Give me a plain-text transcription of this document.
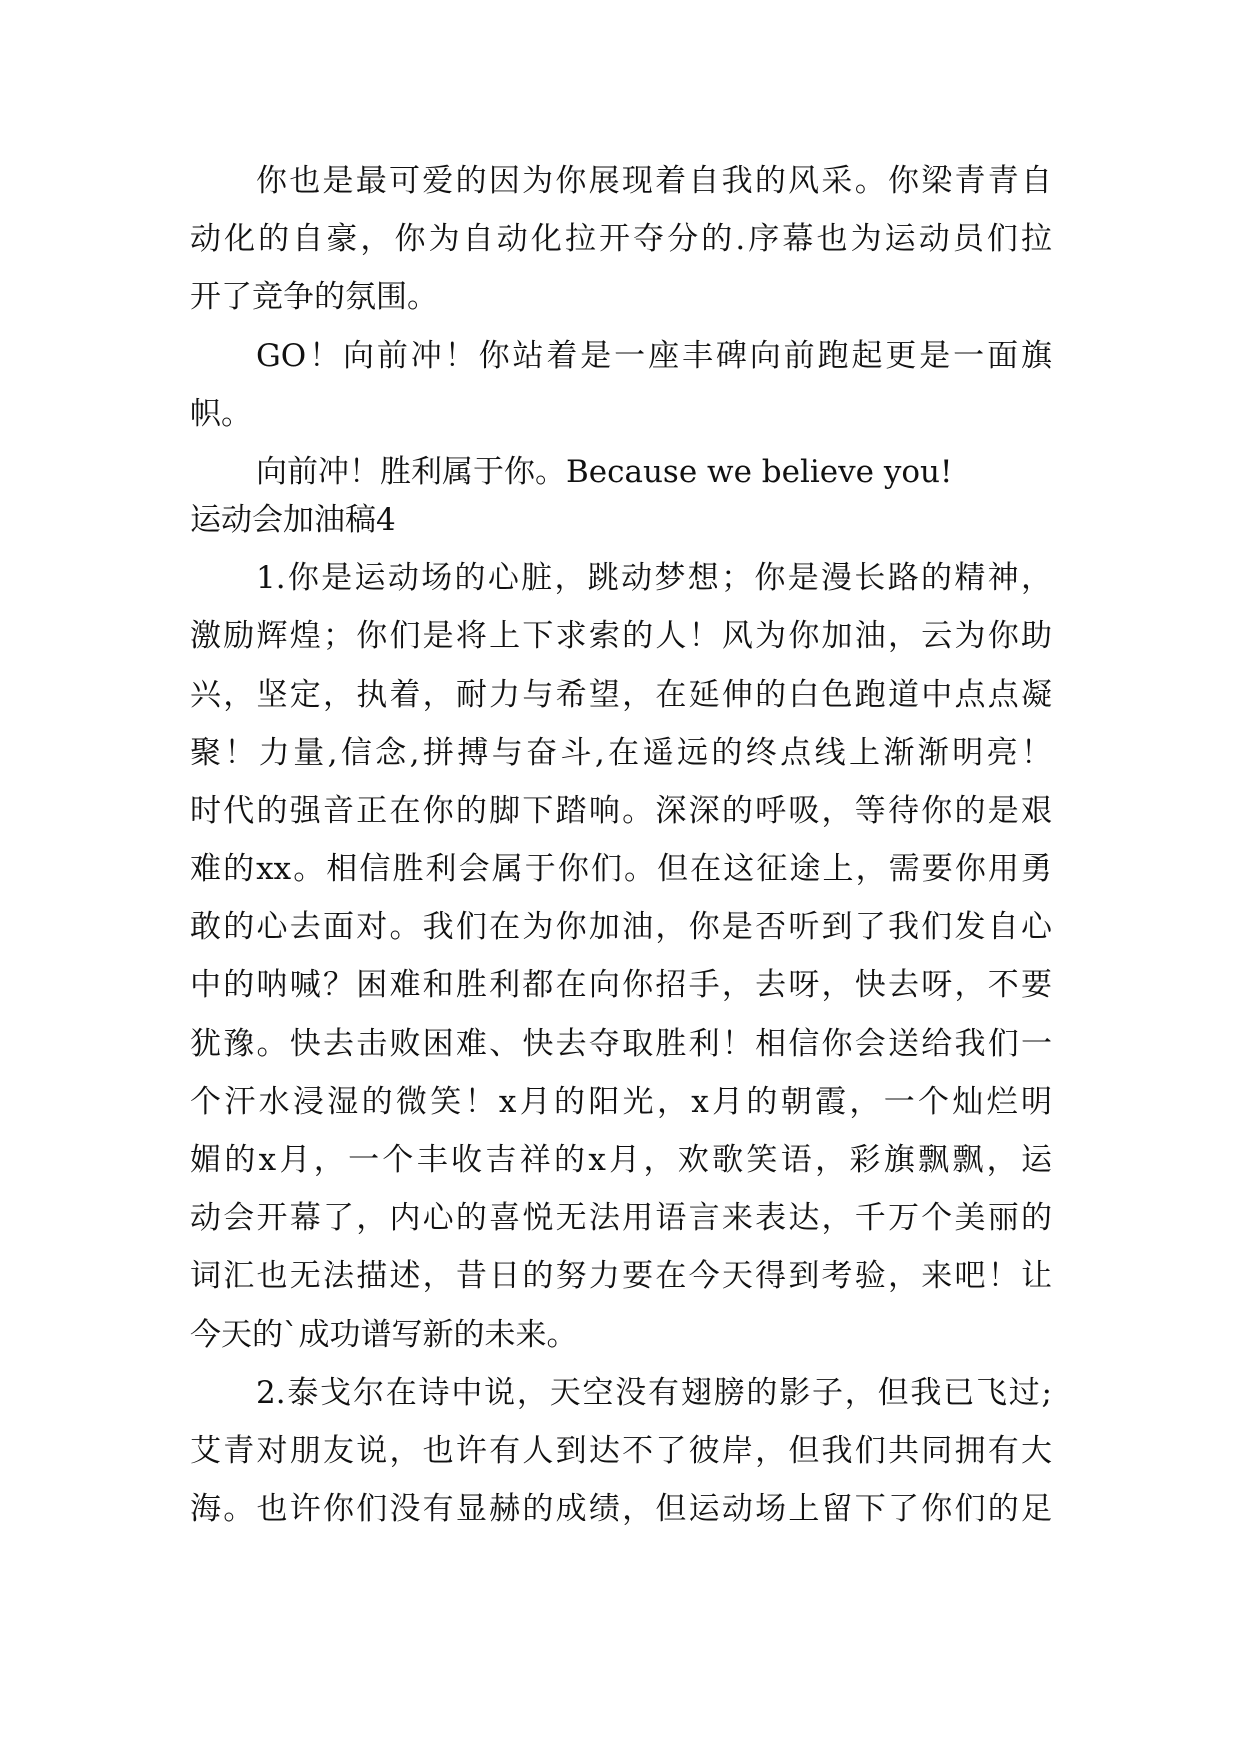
你也是最可爱的因为你展现着自我的风采。你梁青青自
动化的自豪，你为自动化拉开夺分的.序幕也为运动员们拉
开了竞争的氛围。
GO！向前冲！你站着是一座丰碑向前跑起更是一面旗
帜。
向前冲！胜利属于你。Because we believe you!
运动会加油稿4
1.你是运动场的心脏，跳动梦想；你是漫长路的精神，
激励辉煌；你们是将上下求索的人！风为你加油，云为你助
兴，坚定，执着，耐力与希望，在延伸的白色跑道中点点凝
聚！力量,信念,拼搏与奋斗,在遥远的终点线上渐渐明亮！
时代的强音正在你的脚下踏响。深深的呼吸，等待你的是艰
难的xx。相信胜利会属于你们。但在这征途上，需要你用勇
敢的心去面对。我们在为你加油，你是否听到了我们发自心
中的呐喊？困难和胜利都在向你招手，去呀，快去呀，不要
犹豫。快去击败困难、快去夺取胜利！相信你会送给我们一
个汗水浸湿的微笑！x月的阳光，x月的朝霞，一个灿烂明
媚的x月，一个丰收吉祥的x月，欢歌笑语，彩旗飘飘，运
动会开幕了，内心的喜悦无法用语言来表达，千万个美丽的
词汇也无法描述，昔日的努力要在今天得到考验，来吧！让
今天的`成功谱写新的未来。
2.泰戈尔在诗中说，天空没有翅膀的影子，但我已飞过;
艾青对朋友说，也许有人到达不了彼岸，但我们共同拥有大
海。也许你们没有显赫的成绩，但运动场上留下了你们的足
